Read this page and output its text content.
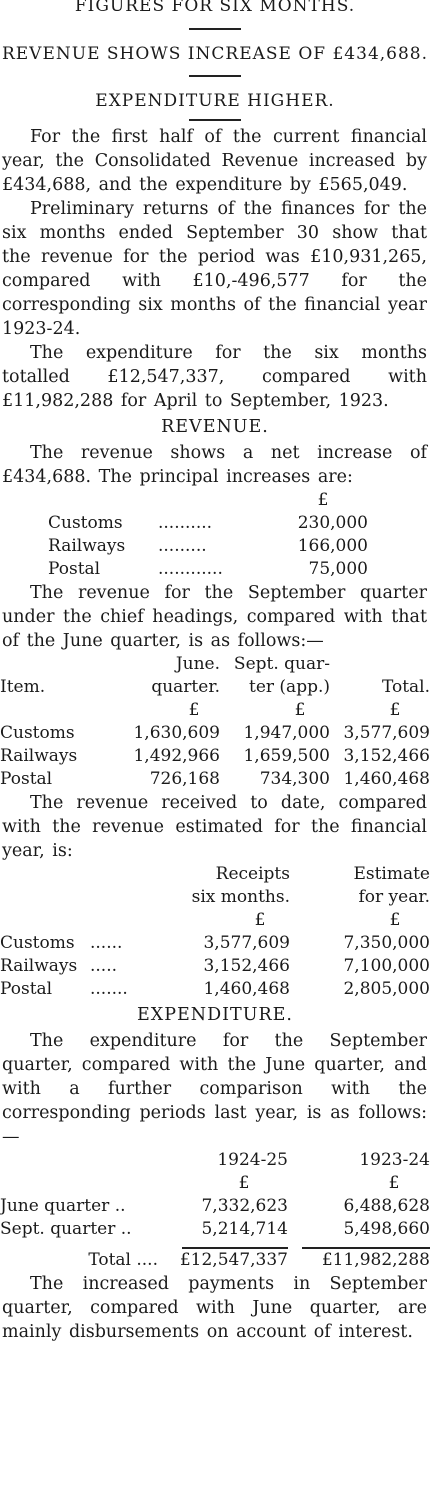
FIGURES FOR SIX MONTHS.
REVENUE SHOWS INCREASE OF £434,688.
EXPENDITURE HIGHER.

For the first half of the current financial year, the Consolidated Revenue increased by £434,688, and the expenditure by £565,049.

Preliminary returns of the finances for the six months ended September 30 show that the revenue for the period was £10,931,265, compared with £10,-496,577 for the corresponding six months of the financial year 1923-24.

The expenditure for the six months totalled £12,547,337, compared with £11,982,288 for April to September, 1923.

REVENUE.

The revenue shows a net increase of £434,688. The principal increases are:

			£	
	Customs	..........	230,000	
	Railways	.........	166,000	
	Postal	............	75,000	

The revenue for the September quarter under the chief headings, compared with that of the June quarter, is as follows:—

	June.	Sept. quar-	
Item.	quarter.	ter (app.)	Total.
	£	£	£
Customs	1,630,609	1,947,000	3,577,609
Railways	1,492,966	1,659,500	3,152,466
Postal	726,168	734,300	1,460,468

The revenue received to date, compared with the revenue estimated for the financial year, is:

		Receipts	Estimate
		six months.	for year.
		£	£
Customs	......	3,577,609	7,350,000
Railways	.....	3,152,466	7,100,000
Postal	.......	1,460,468	2,805,000
EXPENDITURE.

The expenditure for the September quarter, compared with the June quarter, and with a further comparison with the corresponding periods last year, is as follows:—

	1924-25	1923-24
	£	£
June quarter ..	7,332,623	6,488,628
Sept. quarter ..	5,214,714	5,498,660

Total ....	£12,547,337	£11,982,288

The increased payments in September quarter, compared with June quarter, are mainly disbursements on account of interest.
